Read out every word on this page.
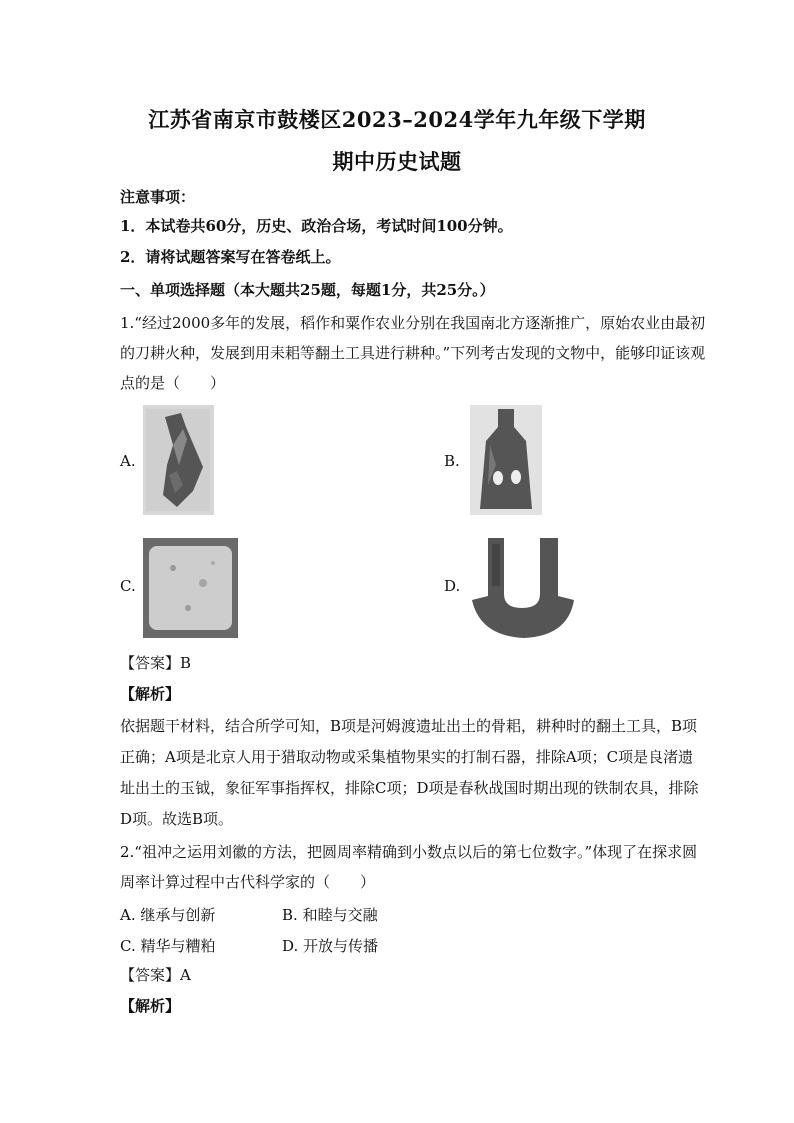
江苏省南京市鼓楼区2023–2024学年九年级下学期
期中历史试题
注意事项：
1．本试卷共60分，历史、政治合场，考试时间100分钟。
2．请将试题答案写在答卷纸上。
一、单项选择题（本大题共25题，每题1分，共25分。）
1.“经过2000多年的发展，稻作和粟作农业分别在我国南北方逐渐推广，原始农业由最初
的刀耕火种，发展到用耒耜等翻土工具进行耕种。”下列考古发现的文物中，能够印证该观
点的是（　　）
A.	B.
C.	D.
【答案】B
【解析】
依据题干材料，结合所学可知，B项是河姆渡遗址出土的骨耜，耕种时的翻土工具，B项
正确；A项是北京人用于猎取动物或采集植物果实的打制石器，排除A项；C项是良渚遗
址出土的玉钺，象征军事指挥权，排除C项；D项是春秋战国时期出现的铁制农具，排除
D项。故选B项。
2.“祖冲之运用刘徽的方法，把圆周率精确到小数点以后的第七位数字。”体现了在探求圆
周率计算过程中古代科学家的（　　）
A. 继承与创新	B. 和睦与交融
C. 精华与糟粕	D. 开放与传播
【答案】A
【解析】
